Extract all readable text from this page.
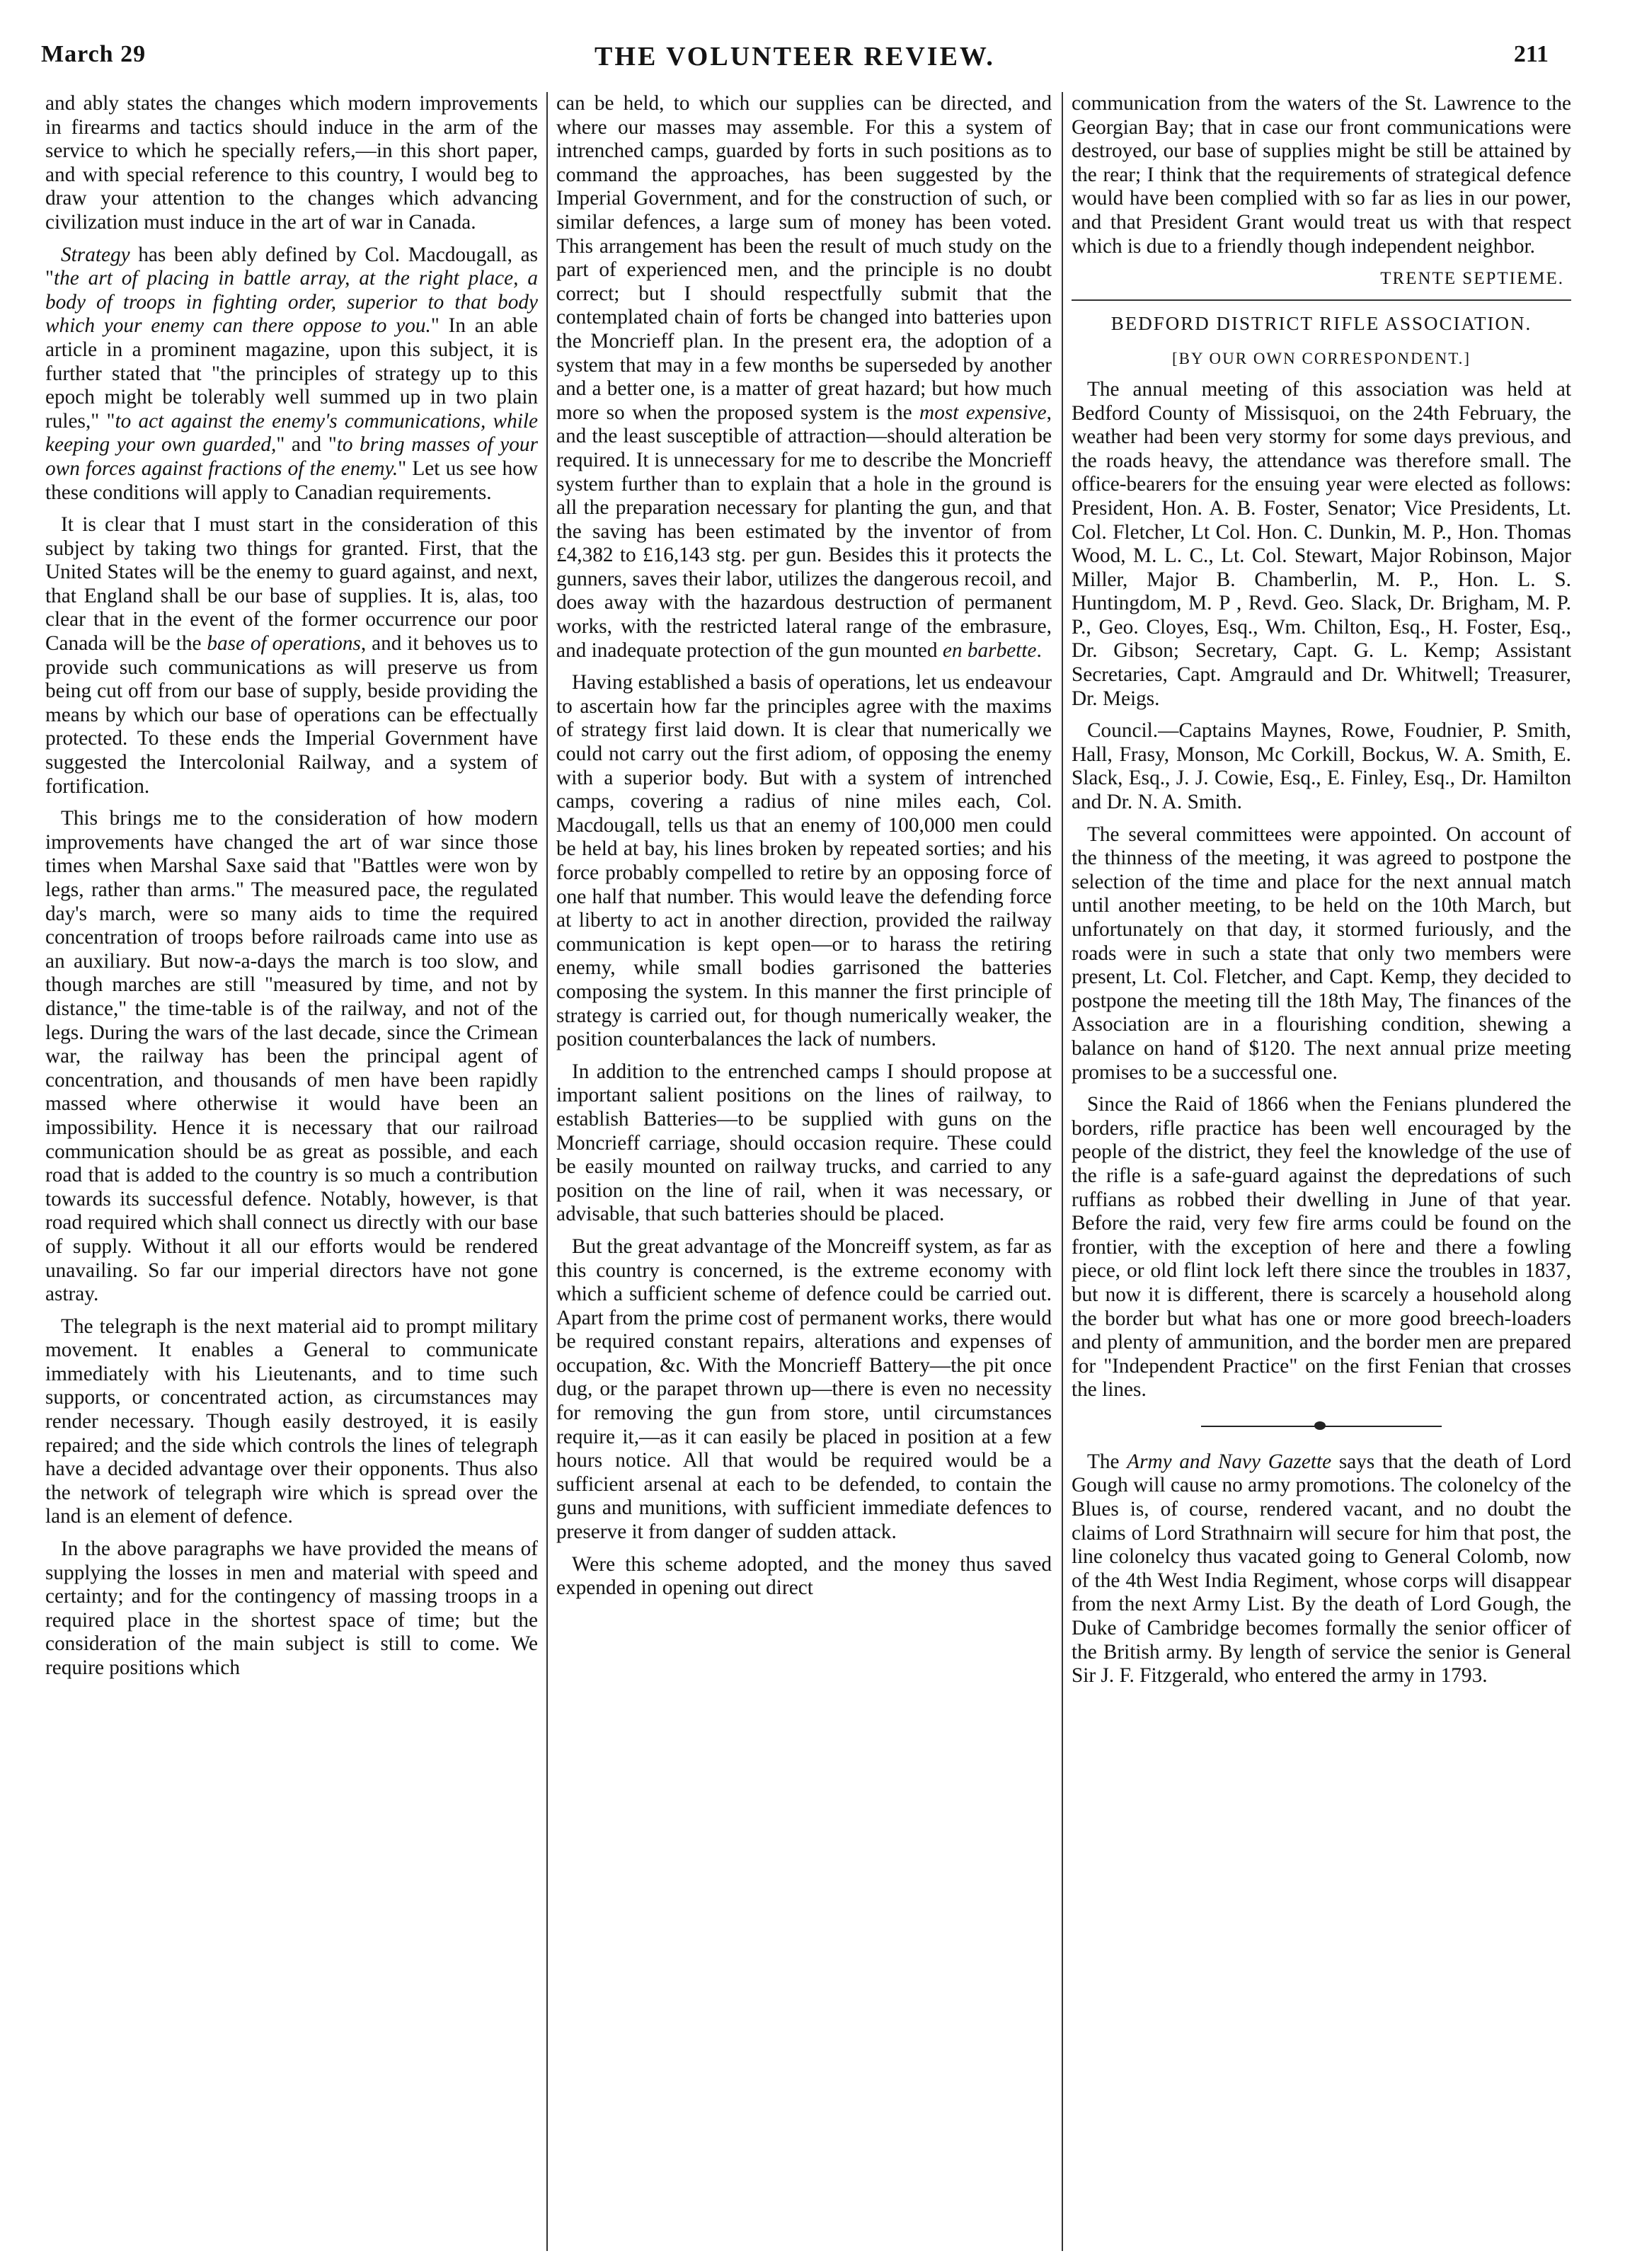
March 29	THE VOLUNTEER REVIEW.	211

and ably states the changes which modern improvements in firearms and tactics should induce in the arm of the service to which he specially refers,—in this short paper, and with special reference to this country, I would beg to draw your attention to the changes which advancing civilization must induce in the art of war in Canada.

Strategy has been ably defined by Col. Macdougall, as "the art of placing in battle array, at the right place, a body of troops in fighting order, superior to that body which your enemy can there oppose to you." In an able article in a prominent magazine, upon this subject, it is further stated that "the principles of strategy up to this epoch might be tolerably well summed up in two plain rules," "to act against the enemy's communications, while keeping your own guarded," and "to bring masses of your own forces against fractions of the enemy." Let us see how these conditions will apply to Canadian requirements.

It is clear that I must start in the consideration of this subject by taking two things for granted. First, that the United States will be the enemy to guard against, and next, that England shall be our base of supplies. It is, alas, too clear that in the event of the former occurrence our poor Canada will be the base of operations, and it behoves us to provide such communications as will preserve us from being cut off from our base of supply, beside providing the means by which our base of operations can be effectually protected. To these ends the Imperial Government have suggested the Intercolonial Railway, and a system of fortification.

This brings me to the consideration of how modern improvements have changed the art of war since those times when Marshal Saxe said that "Battles were won by legs, rather than arms." The measured pace, the regulated day's march, were so many aids to time the required concentration of troops before railroads came into use as an auxiliary. But now-a-days the march is too slow, and though marches are still "measured by time, and not by distance," the time-table is of the railway, and not of the legs. During the wars of the last decade, since the Crimean war, the railway has been the principal agent of concentration, and thousands of men have been rapidly massed where otherwise it would have been an impossibility. Hence it is necessary that our railroad communication should be as great as possible, and each road that is added to the country is so much a contribution towards its successful defence. Notably, however, is that road required which shall connect us directly with our base of supply. Without it all our efforts would be rendered unavailing. So far our imperial directors have not gone astray.

The telegraph is the next material aid to prompt military movement. It enables a General to communicate immediately with his Lieutenants, and to time such supports, or concentrated action, as circumstances may render necessary. Though easily destroyed, it is easily repaired; and the side which controls the lines of telegraph have a decided advantage over their opponents. Thus also the network of telegraph wire which is spread over the land is an element of defence.

In the above paragraphs we have provided the means of supplying the losses in men and material with speed and certainty; and for the contingency of massing troops in a required place in the shortest space of time; but the consideration of the main subject is still to come. We require positions which

can be held, to which our supplies can be directed, and where our masses may assemble. For this a system of intrenched camps, guarded by forts in such positions as to command the approaches, has been suggested by the Imperial Government, and for the construction of such, or similar defences, a large sum of money has been voted. This arrangement has been the result of much study on the part of experienced men, and the principle is no doubt correct; but I should respectfully submit that the contemplated chain of forts be changed into batteries upon the Moncrieff plan. In the present era, the adoption of a system that may in a few months be superseded by another and a better one, is a matter of great hazard; but how much more so when the proposed system is the most expensive, and the least susceptible of attraction—should alteration be required. It is unnecessary for me to describe the Moncrieff system further than to explain that a hole in the ground is all the preparation necessary for planting the gun, and that the saving has been estimated by the inventor of from £4,382 to £16,143 stg. per gun. Besides this it protects the gunners, saves their labor, utilizes the dangerous recoil, and does away with the hazardous destruction of permanent works, with the restricted lateral range of the embrasure, and inadequate protection of the gun mounted en barbette.

Having established a basis of operations, let us endeavour to ascertain how far the principles agree with the maxims of strategy first laid down. It is clear that numerically we could not carry out the first adiom, of opposing the enemy with a superior body. But with a system of intrenched camps, covering a radius of nine miles each, Col. Macdougall, tells us that an enemy of 100,000 men could be held at bay, his lines broken by repeated sorties; and his force probably compelled to retire by an opposing force of one half that number. This would leave the defending force at liberty to act in another direction, provided the railway communication is kept open—or to harass the retiring enemy, while small bodies garrisoned the batteries composing the system. In this manner the first principle of strategy is carried out, for though numerically weaker, the position counterbalances the lack of numbers.

In addition to the entrenched camps I should propose at important salient positions on the lines of railway, to establish Batteries—to be supplied with guns on the Moncrieff carriage, should occasion require. These could be easily mounted on railway trucks, and carried to any position on the line of rail, when it was necessary, or advisable, that such batteries should be placed.

But the great advantage of the Moncreiff system, as far as this country is concerned, is the extreme economy with which a sufficient scheme of defence could be carried out. Apart from the prime cost of permanent works, there would be required constant repairs, alterations and expenses of occupation, &c. With the Moncrieff Battery—the pit once dug, or the parapet thrown up—there is even no necessity for removing the gun from store, until circumstances require it,—as it can easily be placed in position at a few hours notice. All that would be required would be a sufficient arsenal at each to be defended, to contain the guns and munitions, with sufficient immediate defences to preserve it from danger of sudden attack.

Were this scheme adopted, and the money thus saved expended in opening out direct

communication from the waters of the St. Lawrence to the Georgian Bay; that in case our front communications were destroyed, our base of supplies might be still be attained by the rear; I think that the requirements of strategical defence would have been complied with so far as lies in our power, and that President Grant would treat us with that respect which is due to a friendly though independent neighbor.

TRENTE SEPTIEME.
BEDFORD DISTRICT RIFLE ASSOCIATION.
[BY OUR OWN CORRESPONDENT.]

The annual meeting of this association was held at Bedford County of Missisquoi, on the 24th February, the weather had been very stormy for some days previous, and the roads heavy, the attendance was therefore small. The office-bearers for the ensuing year were elected as follows: President, Hon. A. B. Foster, Senator; Vice Presidents, Lt. Col. Fletcher, Lt Col. Hon. C. Dunkin, M. P., Hon. Thomas Wood, M. L. C., Lt. Col. Stewart, Major Robinson, Major Miller, Major B. Chamberlin, M. P., Hon. L. S. Huntingdom, M. P , Revd. Geo. Slack, Dr. Brigham, M. P. P., Geo. Cloyes, Esq., Wm. Chilton, Esq., H. Foster, Esq., Dr. Gibson; Secretary, Capt. G. L. Kemp; Assistant Secretaries, Capt. Amgrauld and Dr. Whitwell; Treasurer, Dr. Meigs.

Council.—Captains Maynes, Rowe, Foudnier, P. Smith, Hall, Frasy, Monson, Mc Corkill, Bockus, W. A. Smith, E. Slack, Esq., J. J. Cowie, Esq., E. Finley, Esq., Dr. Hamilton and Dr. N. A. Smith.

The several committees were appointed. On account of the thinness of the meeting, it was agreed to postpone the selection of the time and place for the next annual match until another meeting, to be held on the 10th March, but unfortunately on that day, it stormed furiously, and the roads were in such a state that only two members were present, Lt. Col. Fletcher, and Capt. Kemp, they decided to postpone the meeting till the 18th May, The finances of the Association are in a flourishing condition, shewing a balance on hand of $120. The next annual prize meeting promises to be a successful one.

Since the Raid of 1866 when the Fenians plundered the borders, rifle practice has been well encouraged by the people of the district, they feel the knowledge of the use of the rifle is a safe-guard against the depredations of such ruffians as robbed their dwelling in June of that year. Before the raid, very few fire arms could be found on the frontier, with the exception of here and there a fowling piece, or old flint lock left there since the troubles in 1837, but now it is different, there is scarcely a household along the border but what has one or more good breech-loaders and plenty of ammunition, and the border men are prepared for "Independent Practice" on the first Fenian that crosses the lines.

The Army and Navy Gazette says that the death of Lord Gough will cause no army promotions. The colonelcy of the Blues is, of course, rendered vacant, and no doubt the claims of Lord Strathnairn will secure for him that post, the line colonelcy thus vacated going to General Colomb, now of the 4th West India Regiment, whose corps will disappear from the next Army List. By the death of Lord Gough, the Duke of Cambridge becomes formally the senior officer of the British army. By length of service the senior is General Sir J. F. Fitzgerald, who entered the army in 1793.
